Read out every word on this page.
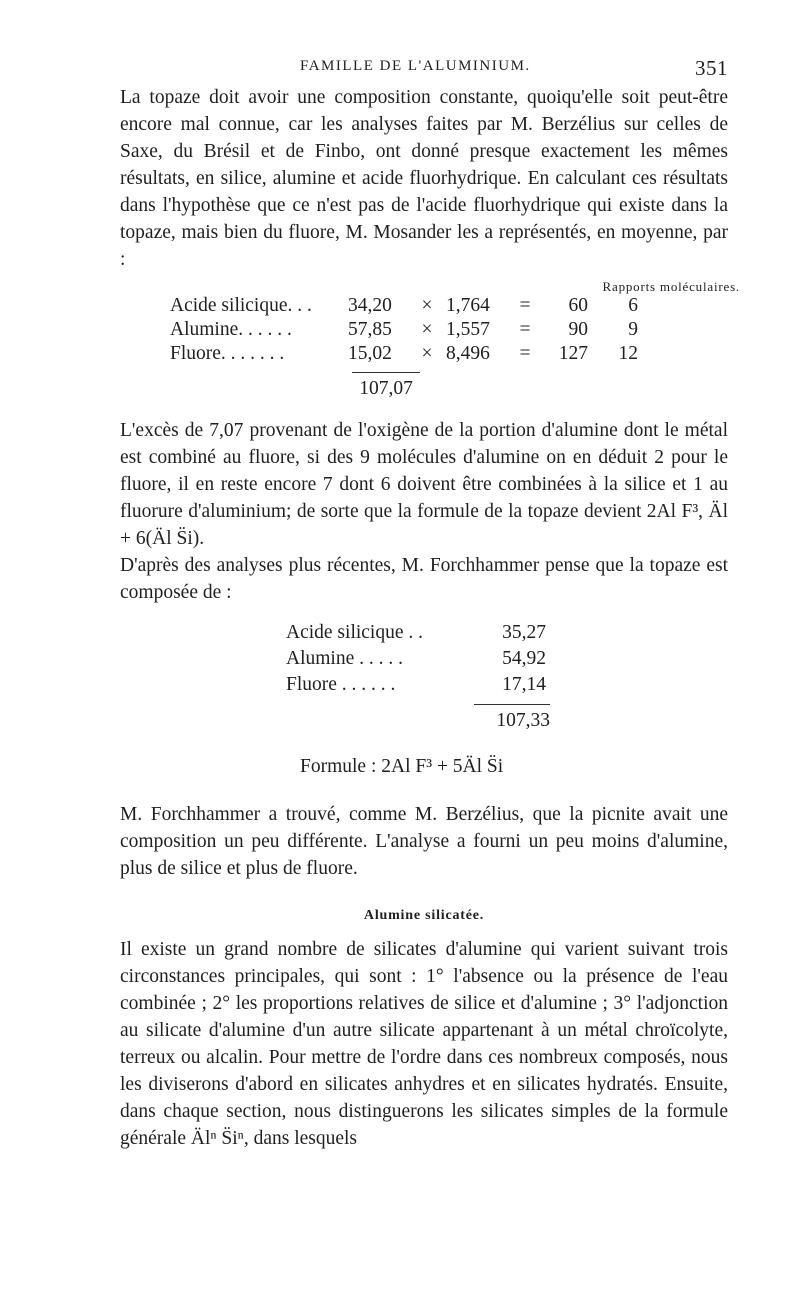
FAMILLE DE L'ALUMINIUM.	351

La topaze doit avoir une composition constante, quoiqu'elle soit peut-être encore mal connue, car les analyses faites par M. Berzélius sur celles de Saxe, du Brésil et de Finbo, ont donné presque exactement les mêmes résultats, en silice, alumine et acide fluorhydrique. En calculant ces résultats dans l'hypothèse que ce n'est pas de l'acide fluorhydrique qui existe dans la topaze, mais bien du fluore, M. Mosander les a représentés, en moyenne, par :

Rapports moléculaires.
Acide silicique. . .	34,20	×	1,764	=	60	6
Alumine. . . . . .	57,85	×	1,557	=	90	9
Fluore. . . . . . .	15,02	×	8,496	=	127	12
107,07

L'excès de 7,07 provenant de l'oxigène de la portion d'alumine dont le métal est combiné au fluore, si des 9 molécules d'alumine on en déduit 2 pour le fluore, il en reste encore 7 dont 6 doivent être combinées à la silice et 1 au fluorure d'aluminium; de sorte que la formule de la topaze devient 2Al F³, Äl + 6(Äl S̈i).

D'après des analyses plus récentes, M. Forchhammer pense que la topaze est composée de :

Acide silicique . .	35,27
Alumine . . . . .	54,92
Fluore . . . . . .	17,14
107,33
Formule : 2Al F³ + 5Äl S̈i

M. Forchhammer a trouvé, comme M. Berzélius, que la picnite avait une composition un peu différente. L'analyse a fourni un peu moins d'alumine, plus de silice et plus de fluore.

Alumine silicatée.

Il existe un grand nombre de silicates d'alumine qui varient suivant trois circonstances principales, qui sont : 1° l'absence ou la présence de l'eau combinée ; 2° les proportions relatives de silice et d'alumine ; 3° l'adjonction au silicate d'alumine d'un autre silicate appartenant à un métal chroïcolyte, terreux ou alcalin. Pour mettre de l'ordre dans ces nombreux composés, nous les diviserons d'abord en silicates anhydres et en silicates hydratés. Ensuite, dans chaque section, nous distinguerons les silicates simples de la formule générale Älⁿ S̈iⁿ, dans lesquels
